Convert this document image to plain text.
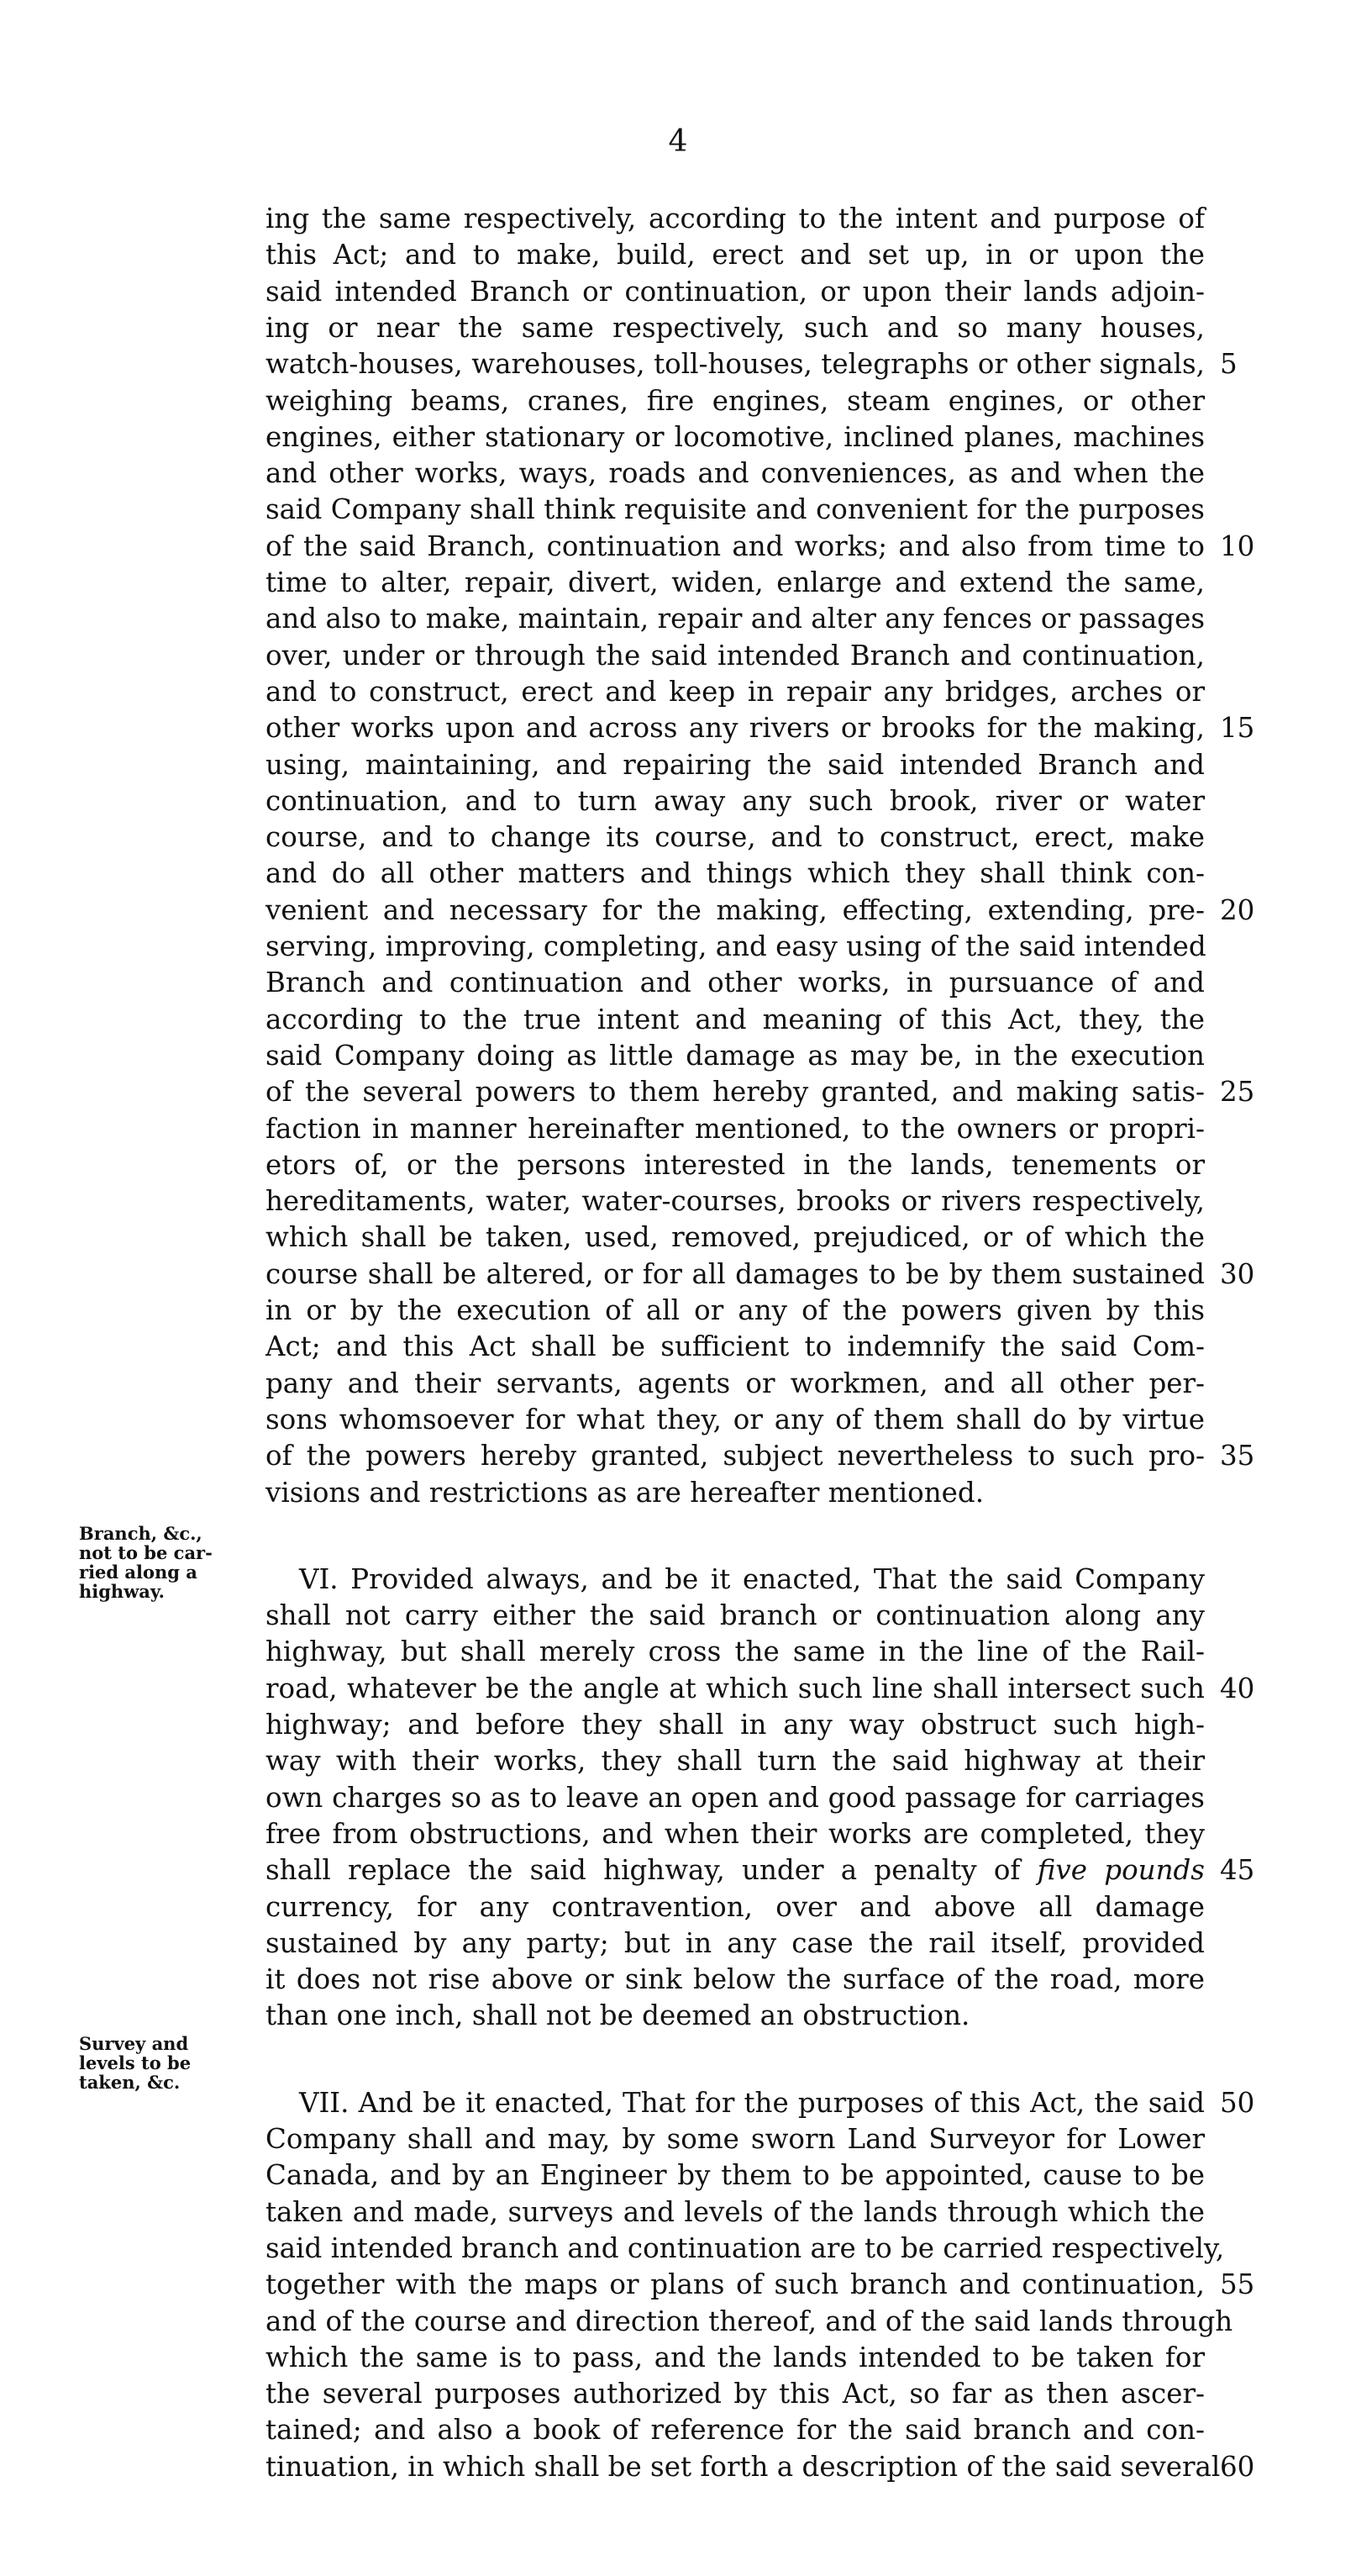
4
ing the same respectively, according to the intent and purpose of
this Act; and to make, build, erect and set up, in or upon the
said intended Branch or continuation, or upon their lands adjoin-
ing or near the same respectively, such and so many houses,
watch-houses, warehouses, toll-houses, telegraphs or other signals, 5
weighing beams, cranes, fire engines, steam engines, or other
engines, either stationary or locomotive, inclined planes, machines
and other works, ways, roads and conveniences, as and when the
said Company shall think requisite and convenient for the purposes
of the said Branch, continuation and works; and also from time to 10
time to alter, repair, divert, widen, enlarge and extend the same,
and also to make, maintain, repair and alter any fences or passages
over, under or through the said intended Branch and continuation,
and to construct, erect and keep in repair any bridges, arches or
other works upon and across any rivers or brooks for the making, 15
using, maintaining, and repairing the said intended Branch and
continuation, and to turn away any such brook, river or water
course, and to change its course, and to construct, erect, make
and do all other matters and things which they shall think con-
venient and necessary for the making, effecting, extending, pre- 20
serving, improving, completing, and easy using of the said intended
Branch and continuation and other works, in pursuance of and
according to the true intent and meaning of this Act, they, the
said Company doing as little damage as may be, in the execution
of the several powers to them hereby granted, and making satis- 25
faction in manner hereinafter mentioned, to the owners or propri-
etors of, or the persons interested in the lands, tenements or
hereditaments, water, water-courses, brooks or rivers respectively,
which shall be taken, used, removed, prejudiced, or of which the
course shall be altered, or for all damages to be by them sustained 30
in or by the execution of all or any of the powers given by this
Act; and this Act shall be sufficient to indemnify the said Com-
pany and their servants, agents or workmen, and all other per-
sons whomsoever for what they, or any of them shall do by virtue
of the powers hereby granted, subject nevertheless to such pro- 35
visions and restrictions as are hereafter mentioned.
VI. Provided always, and be it enacted, That the said Company
shall not carry either the said branch or continuation along any
highway, but shall merely cross the same in the line of the Rail-
road, whatever be the angle at which such line shall intersect such 40
highway; and before they shall in any way obstruct such high-
way with their works, they shall turn the said highway at their
own charges so as to leave an open and good passage for carriages
free from obstructions, and when their works are completed, they
shall replace the said highway, under a penalty of five pounds 45
currency, for any contravention, over and above all damage
sustained by any party; but in any case the rail itself, provided
it does not rise above or sink below the surface of the road, more
than one inch, shall not be deemed an obstruction.
VII. And be it enacted, That for the purposes of this Act, the said 50
Company shall and may, by some sworn Land Surveyor for Lower
Canada, and by an Engineer by them to be appointed, cause to be
taken and made, surveys and levels of the lands through which the
said intended branch and continuation are to be carried respectively,
together with the maps or plans of such branch and continuation, 55
and of the course and direction thereof, and of the said lands through
which the same is to pass, and the lands intended to be taken for
the several purposes authorized by this Act, so far as then ascer-
tained; and also a book of reference for the said branch and con-
tinuation, in which shall be set forth a description of the said several 60
Branch, &c.,
not to be car-
ried along a
highway.
Survey and
levels to be
taken, &c.
